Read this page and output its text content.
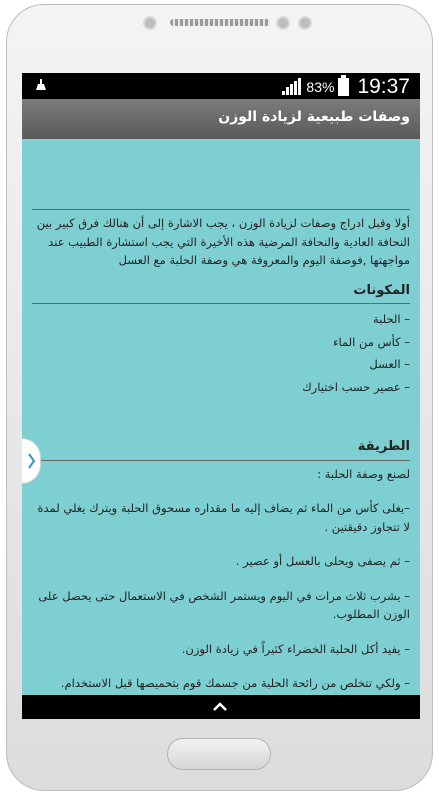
83% 19:37
وصفات طبيعية لزيادة الوزن

أولا وقبل ادراج وصفات لزيادة الوزن ، يجب الاشارة إلى أن هنالك فرق كبير بين النحافة العادية والنحافة المرضية هذه الأخيرة التي يجب استشارة الطبيب عند مواجهتها ,فوصفة اليوم والمعروفة هي وصفة الحلبة مع العسل

المكونات

– الحلبة

– كأس من الماء

– العسل

– عصير حسب اختيارك

الطريقة

لصنع وصفة الحلبة :

–يغلى كأس من الماء ثم يضاف إليه ما مقداره مسحوق الحلبة ويترك يغلي لمدة لا تتجاوز دقيقتين .

– ثم يصفى ويحلى بالعسل أو عصير .

– يشرب ثلاث مرات في اليوم ويستمر الشخص في الاستعمال حتى يحصل على الوزن المطلوب.

– يفيد أكل الحلبة الخضراء كثيراً في زيادة الوزن.

– ولكي تتخلص من رائحة الحلبة من جسمك قوم بتحميصها قبل الاستخدام.
